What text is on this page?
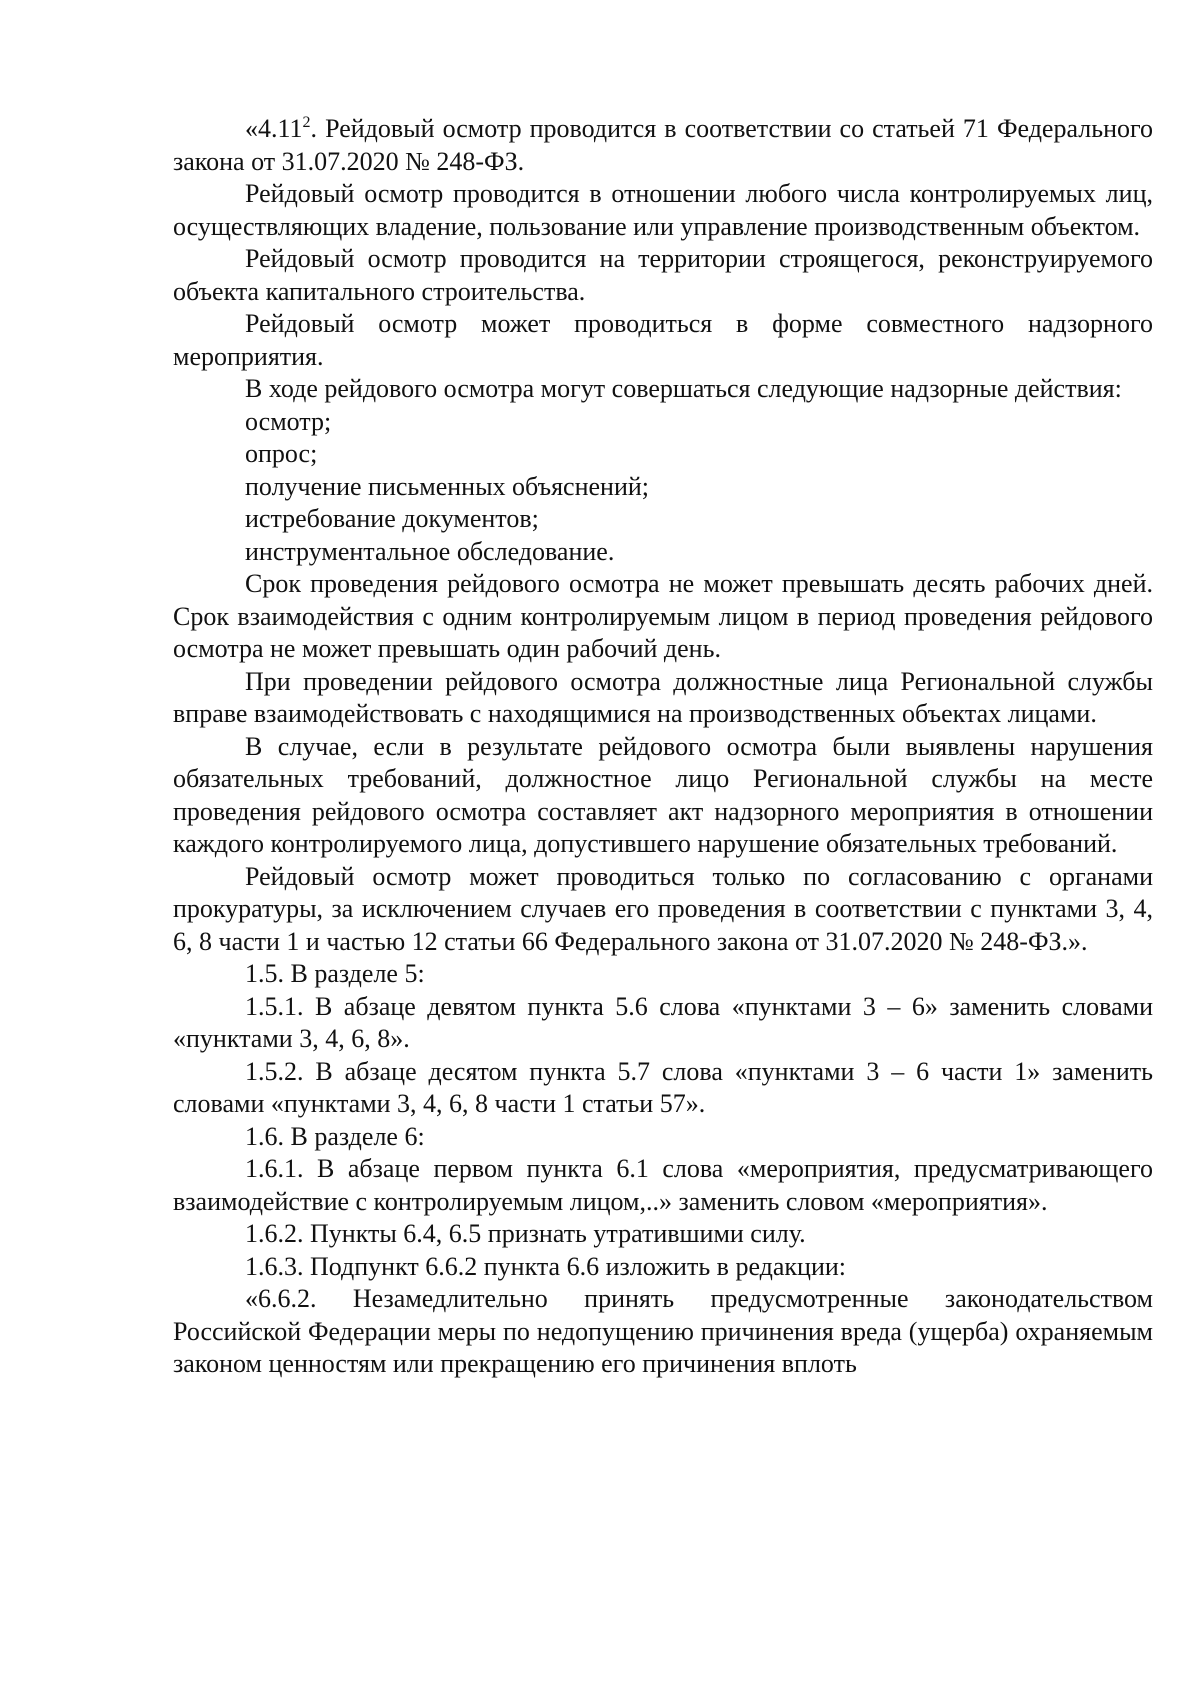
«4.11$^2$. Рейдовый осмотр проводится в соответствии со статьей 71 Федерального закона от 31.07.2020 № 248-ФЗ.

Рейдовый осмотр проводится в отношении любого числа контролируемых лиц, осуществляющих владение, пользование или управление производственным объектом.

Рейдовый осмотр проводится на территории строящегося, реконструируемого объекта капитального строительства.

Рейдовый осмотр может проводиться в форме совместного надзорного мероприятия.

В ходе рейдового осмотра могут совершаться следующие надзорные действия:

осмотр;

опрос;

получение письменных объяснений;

истребование документов;

инструментальное обследование.

Срок проведения рейдового осмотра не может превышать десять рабочих дней. Срок взаимодействия с одним контролируемым лицом в период проведения рейдового осмотра не может превышать один рабочий день.

При проведении рейдового осмотра должностные лица Региональной службы вправе взаимодействовать с находящимися на производственных объектах лицами.

В случае, если в результате рейдового осмотра были выявлены нарушения обязательных требований, должностное лицо Региональной службы на месте проведения рейдового осмотра составляет акт надзорного мероприятия в отношении каждого контролируемого лица, допустившего нарушение обязательных требований.

Рейдовый осмотр может проводиться только по согласованию с органами прокуратуры, за исключением случаев его проведения в соответствии с пунктами 3, 4, 6, 8 части 1 и частью 12 статьи 66 Федерального закона от 31.07.2020 № 248-ФЗ.».

1.5. В разделе 5:

1.5.1. В абзаце девятом пункта 5.6 слова «пунктами 3 – 6» заменить словами «пунктами 3, 4, 6, 8».

1.5.2. В абзаце десятом пункта 5.7 слова «пунктами 3 – 6 части 1» заменить словами «пунктами 3, 4, 6, 8 части 1 статьи 57».

1.6. В разделе 6:

1.6.1. В абзаце первом пункта 6.1 слова «мероприятия, предусматривающего взаимодействие с контролируемым лицом,..» заменить словом «мероприятия».

1.6.2. Пункты 6.4, 6.5 признать утратившими силу.

1.6.3. Подпункт 6.6.2 пункта 6.6 изложить в редакции:

«6.6.2. Незамедлительно принять предусмотренные законодательством Российской Федерации меры по недопущению причинения вреда (ущерба) охраняемым законом ценностям или прекращению его причинения вплоть
